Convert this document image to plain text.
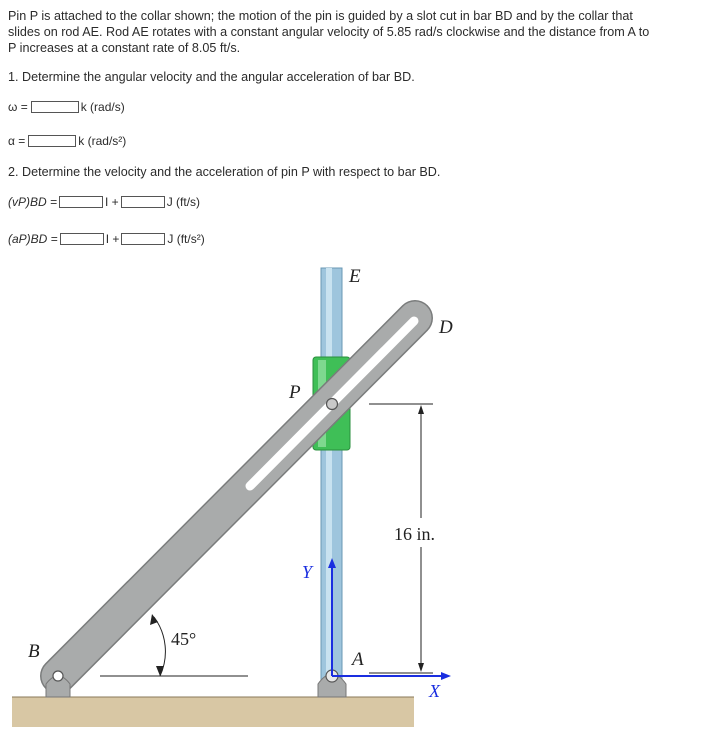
Pin P is attached to the collar shown; the motion of the pin is guided by a slot cut in bar BD and by the collar that

slides on rod AE. Rod AE rotates with a constant angular velocity of 5.85 rad/s clockwise and the distance from A to

P increases at a constant rate of 8.05 ft/s.

1. Determine the angular velocity and the angular acceleration of bar BD.
ω =	k (rad/s)
α =	k (rad/s²)
2. Determine the velocity and the acceleration of pin P with respect to bar BD.
(vP)BD =	I +	J (ft/s)
(aP)BD =	I +	J (ft/s²)
E
D
P
B	A
Y
X
45°
16 in.
